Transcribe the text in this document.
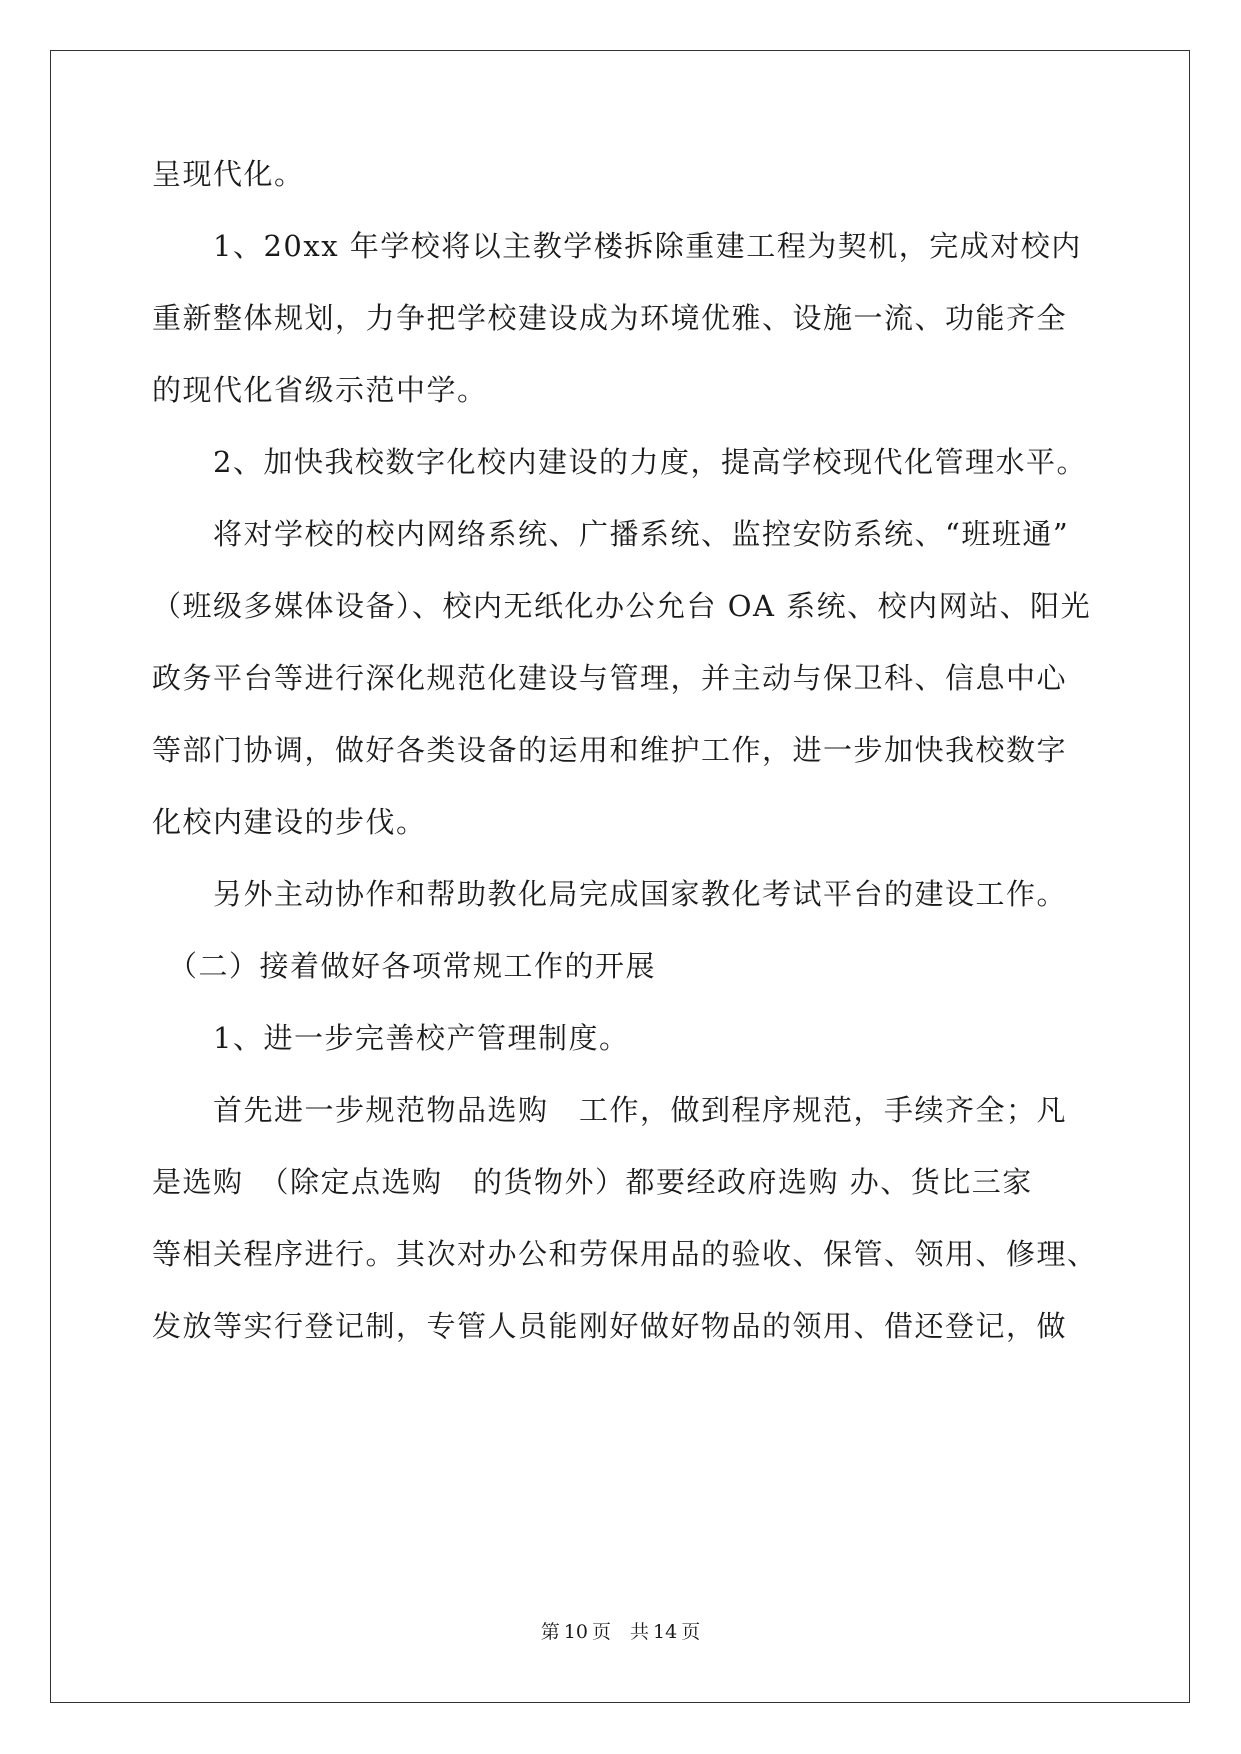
呈现代化。
　　1、20xx 年学校将以主教学楼拆除重建工程为契机，完成对校内
重新整体规划，力争把学校建设成为环境优雅、设施一流、功能齐全
的现代化省级示范中学。
　　2、加快我校数字化校内建设的力度，提高学校现代化管理水平。
　　将对学校的校内网络系统、广播系统、监控安防系统、“班班通”
（班级多媒体设备）、校内无纸化办公允台 OA 系统、校内网站、阳光
政务平台等进行深化规范化建设与管理，并主动与保卫科、信息中心
等部门协调，做好各类设备的运用和维护工作，进一步加快我校数字
化校内建设的步伐。
　　另外主动协作和帮助教化局完成国家教化考试平台的建设工作。
　（二）接着做好各项常规工作的开展
　　1、进一步完善校产管理制度。
　　首先进一步规范物品选购　工作，做到程序规范，手续齐全；凡
是选购　（除定点选购　的货物外）都要经政府选购 办、货比三家
等相关程序进行。其次对办公和劳保用品的验收、保管、领用、修理、
发放等实行登记制，专管人员能刚好做好物品的领用、借还登记，做
第 10 页　共 14 页
